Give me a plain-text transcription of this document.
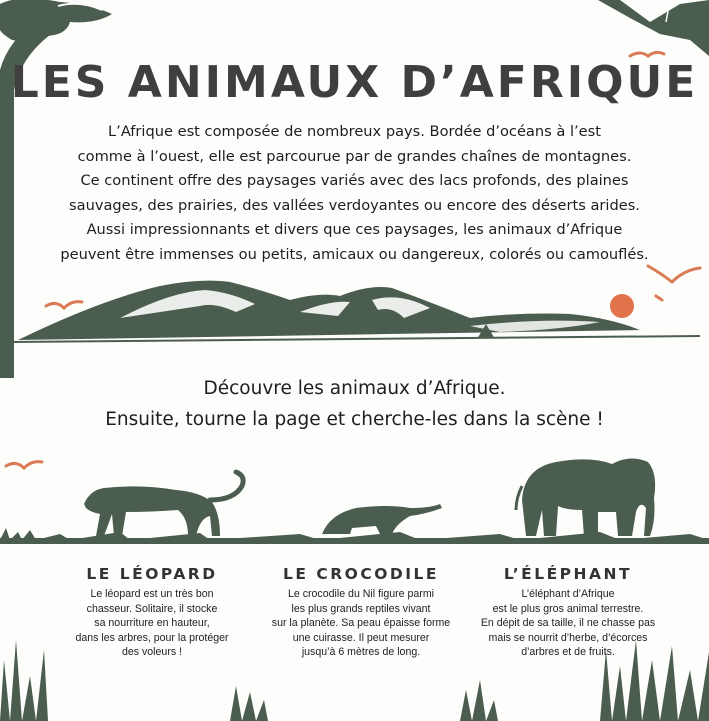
LES ANIMAUX D’AFRIQUE

L’Afrique est composée de nombreux pays. Bordée d’océans à l’est
comme à l’ouest, elle est parcourue par de grandes chaînes de montagnes.
Ce continent offre des paysages variés avec des lacs profonds, des plaines
sauvages, des prairies, des vallées verdoyantes ou encore des déserts arides.
Aussi impressionnants et divers que ces paysages, les animaux d’Afrique
peuvent être immenses ou petits, amicaux ou dangereux, colorés ou camouflés.

Découvre les animaux d’Afrique.
Ensuite, tourne la page et cherche-les dans la scène !

LE LÉOPARD

Le léopard est un très bon
chasseur. Solitaire, il stocke
sa nourriture en hauteur,
dans les arbres, pour la protéger
des voleurs !

LE CROCODILE

Le crocodile du Nil figure parmi
les plus grands reptiles vivant
sur la planète. Sa peau épaisse forme
une cuirasse. Il peut mesurer
jusqu’à 6 mètres de long.

L’ÉLÉPHANT

L’éléphant d’Afrique
est le plus gros animal terrestre.
En dépit de sa taille, il ne chasse pas
mais se nourrit d’herbe, d’écorces
d’arbres et de fruits.
